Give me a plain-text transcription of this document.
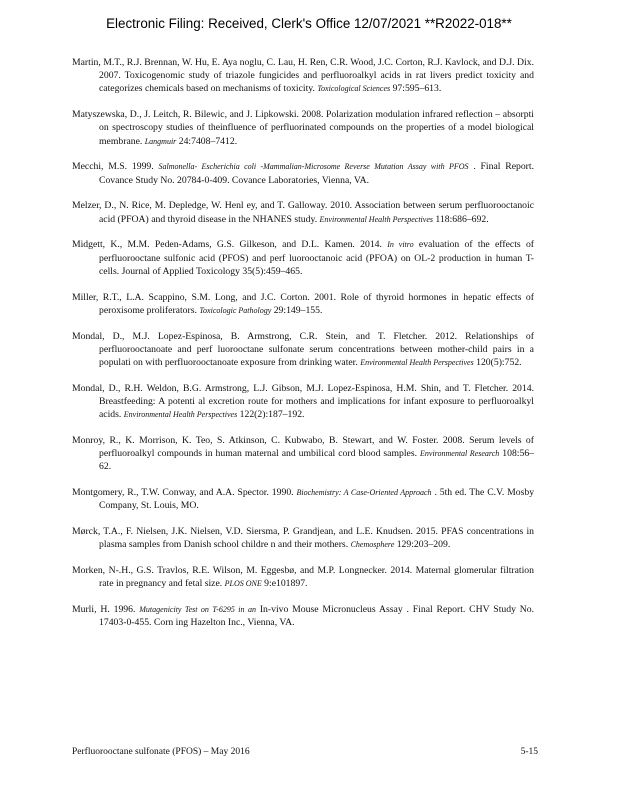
Electronic Filing: Received, Clerk's Office 12/07/2021 **R2022-018**

Martin, M.T., R.J. Brennan, W. Hu, E. Aya noglu, C. Lau, H. Ren, C.R. Wood, J.C. Corton, R.J. Kavlock, and D.J. Dix. 2007. Toxicogenomic study of triazole fungicides and perfluoroalkyl acids in rat livers predict toxicity and categorizes chemicals based on mechanisms of toxicity. Toxicological Sciences 97:595–613.

Matyszewska, D., J. Leitch, R. Bilewic, and J. Lipkowski. 2008. Polarization modulation infrared reflection – absorpti on spectroscopy studies of theinfluence of perfluorinated compounds on the properties of a model biological membrane. Langmuir 24:7408–7412.

Mecchi, M.S. 1999. Salmonella- Escherichia coli -Mammalian-Microsome Reverse Mutation Assay with PFOS . Final Report. Covance Study No. 20784-0-409. Covance Laboratories, Vienna, VA.

Melzer, D., N. Rice, M. Depledge, W. Henl ey, and T. Galloway. 2010. Association between serum perfluorooctanoic acid (PFOA) and thyroid disease in the NHANES study. Environmental Health Perspectives 118:686–692.

Midgett, K., M.M. Peden-Adams, G.S. Gilkeson, and D.L. Kamen. 2014. In vitro evaluation of the effects of perfluorooctane sulfonic acid (PFOS) and perf luorooctanoic acid (PFOA) on OL-2 production in human T-cells. Journal of Applied Toxicology 35(5):459–465.

Miller, R.T., L.A. Scappino, S.M. Long, and J.C. Corton. 2001. Role of thyroid hormones in hepatic effects of peroxisome proliferators. Toxicologic Pathology 29:149–155.

Mondal, D., M.J. Lopez-Espinosa, B. Armstrong, C.R. Stein, and T. Fletcher. 2012. Relationships of perfluorooctanoate and perf luorooctane sulfonate serum concentrations between mother-child pairs in a populati on with perfluorooctanoate exposure from drinking water. Environmental Health Perspectives 120(5):752.

Mondal, D., R.H. Weldon, B.G. Armstrong, L.J. Gibson, M.J. Lopez-Espinosa, H.M. Shin, and T. Fletcher. 2014. Breastfeeding: A potenti al excretion route for mothers and implications for infant exposure to perfluoroalkyl acids. Environmental Health Perspectives 122(2):187–192.

Monroy, R., K. Morrison, K. Teo, S. Atkinson, C. Kubwabo, B. Stewart, and W. Foster. 2008. Serum levels of perfluoroalkyl compounds in human maternal and umbilical cord blood samples. Environmental Research 108:56–62.

Montgomery, R., T.W. Conway, and A.A. Spector. 1990. Biochemistry: A Case-Oriented Approach . 5th ed. The C.V. Mosby Company, St. Louis, MO.

Mørck, T.A., F. Nielsen, J.K. Nielsen, V.D. Siersma, P. Grandjean, and L.E. Knudsen. 2015. PFAS concentrations in plasma samples from Danish school childre n and their mothers. Chemosphere 129:203–209.

Morken, N-.H., G.S. Travlos, R.E. Wilson, M. Eggesbø, and M.P. Longnecker. 2014. Maternal glomerular filtration rate in pregnancy and fetal size. PLOS ONE 9:e101897.

Murli, H. 1996. Mutagenicity Test on T-6295 in an In-vivo Mouse Micronucleus Assay . Final Report. CHV Study No. 17403-0-455. Corn ing Hazelton Inc., Vienna, VA.

Perfluorooctane sulfonate (PFOS) – May 2016	5-15
